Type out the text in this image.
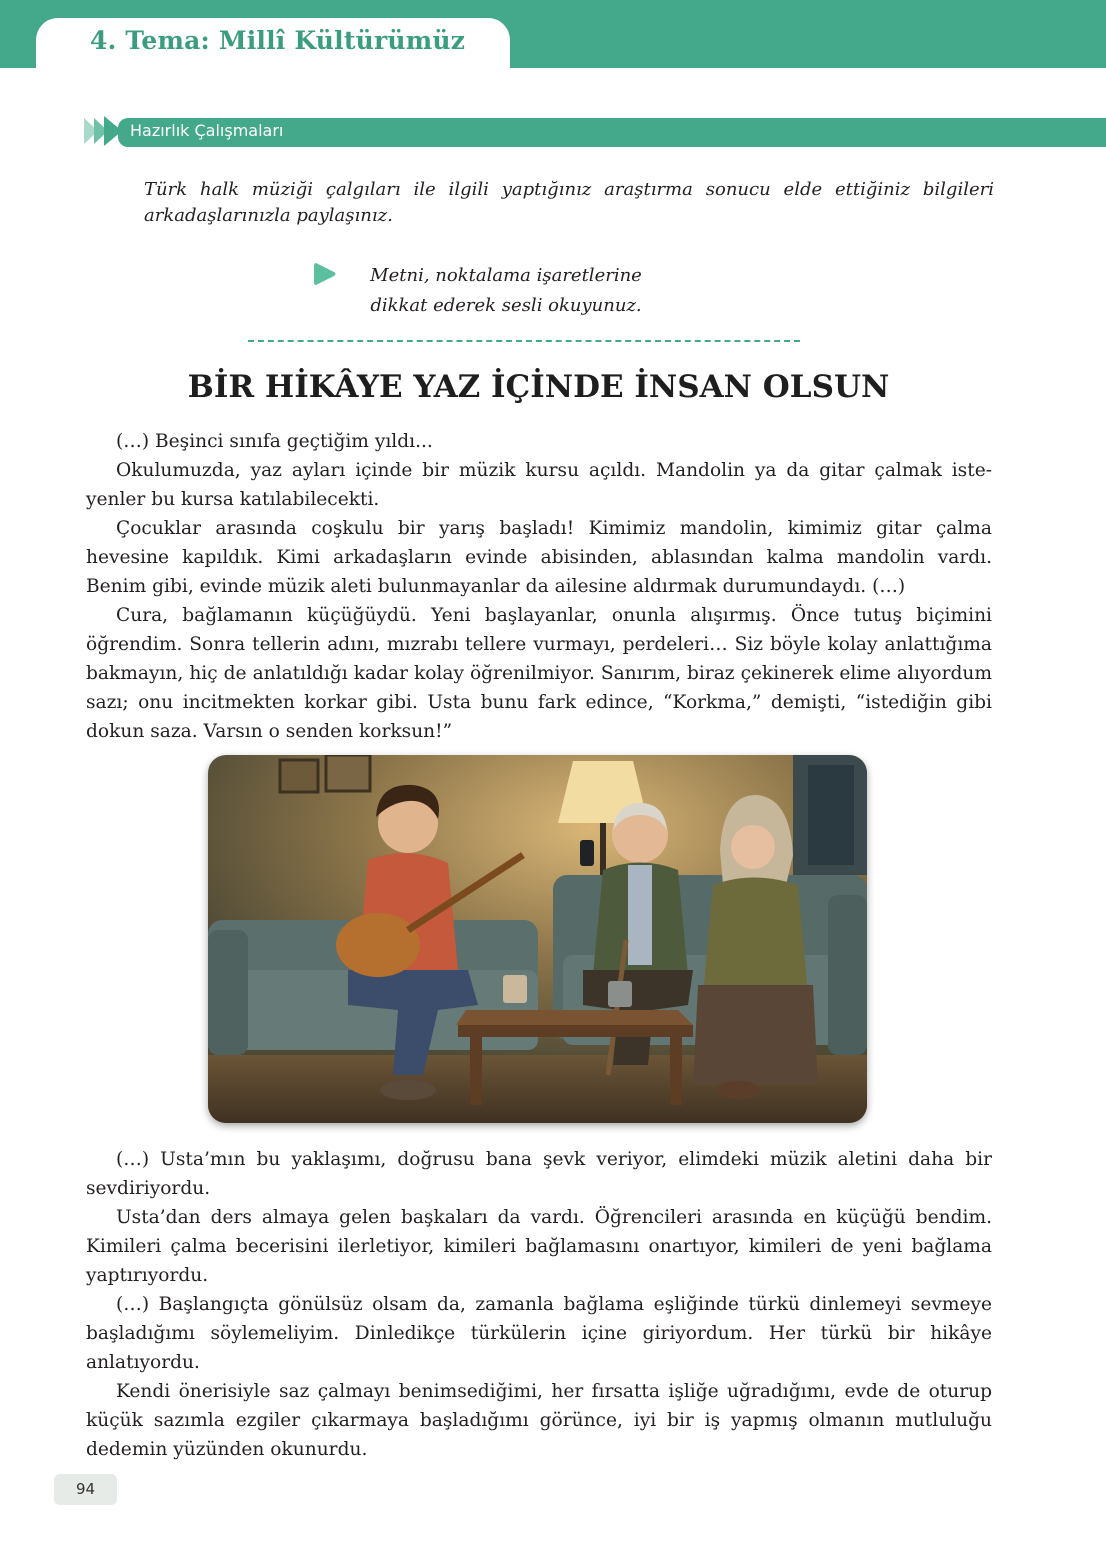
4. Tema: Millî Kültürümüz
Hazırlık Çalışmaları
Türk halk müziği çalgıları ile ilgili yaptığınız araştırma sonucu elde ettiğiniz bilgileri arkadaşlarınızla paylaşınız.
Metni, noktalama işaretlerine
dikkat ederek sesli okuyunuz.
BİR HİKÂYE YAZ İÇİNDE İNSAN OLSUN

(…) Beşinci sınıfa geçtiğim yıldı...

Okulumuzda, yaz ayları içinde bir müzik kursu açıldı. Mandolin ya da gitar çalmak isteyenler bu kursa katılabilecekti.

Çocuklar arasında coşkulu bir yarış başladı! Kimimiz mandolin, kimimiz gitar çalma hevesine kapıldık. Kimi arkadaşların evinde abisinden, ablasından kalma mandolin vardı. Benim gibi, evinde müzik aleti bulunmayanlar da ailesine aldırmak durumundaydı. (…)

Cura, bağlamanın küçüğüydü. Yeni başlayanlar, onunla alışırmış. Önce tutuş biçimini öğrendim. Sonra tellerin adını, mızrabı tellere vurmayı, perdeleri… Siz böyle kolay anlattığıma bakmayın, hiç de anlatıldığı kadar kolay öğrenilmiyor. Sanırım, biraz çekinerek elime alıyordum sazı; onu incitmekten korkar gibi. Usta bunu fark edince, “Korkma,” demişti, “istediğin gibi dokun saza. Varsın o senden korksun!”

(…) Usta’mın bu yaklaşımı, doğrusu bana şevk veriyor, elimdeki müzik aletini daha bir sevdiriyordu.

Usta’dan ders almaya gelen başkaları da vardı. Öğrencileri arasında en küçüğü bendim. Kimileri çalma becerisini ilerletiyor, kimileri bağlamasını onartıyor, kimileri de yeni bağlama yaptırıyordu.

(…) Başlangıçta gönülsüz olsam da, zamanla bağlama eşliğinde türkü dinlemeyi sevmeye başladığımı söylemeliyim. Dinledikçe türkülerin içine giriyordum. Her türkü bir hikâye anlatıyordu.

Kendi önerisiyle saz çalmayı benimsediğimi, her fırsatta işliğe uğradığımı, evde de oturup küçük sazımla ezgiler çıkarmaya başladığımı görünce, iyi bir iş yapmış olmanın mutluluğu dedemin yüzünden okunurdu.

94
